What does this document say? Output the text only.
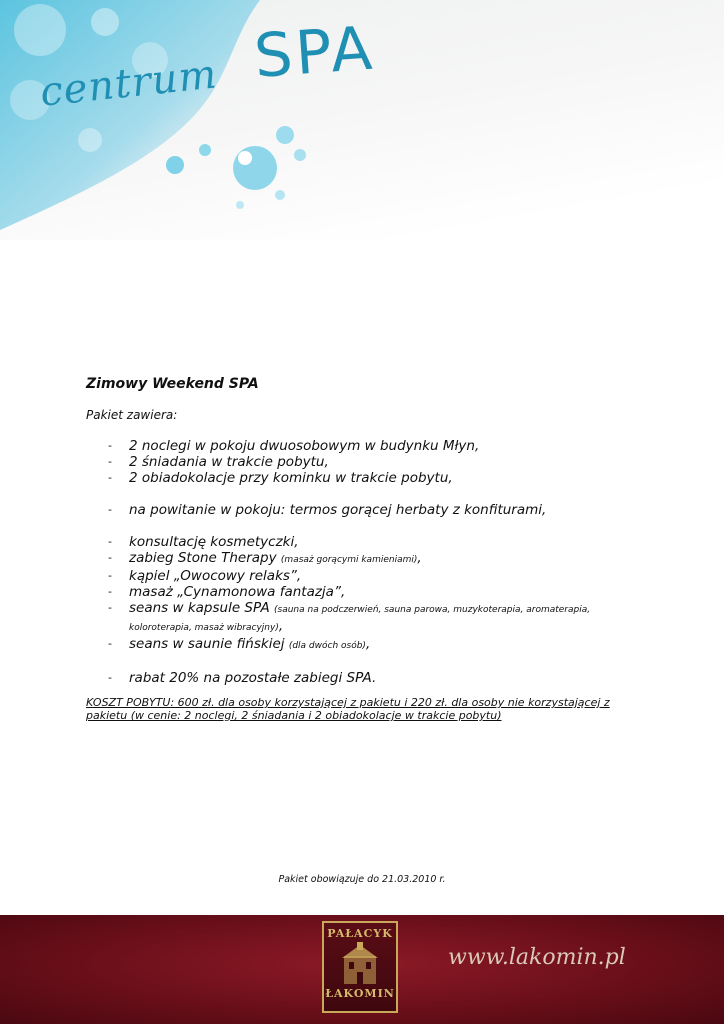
centrum SPA
Zimowy Weekend SPA
Pakiet zawiera:
- 2 noclegi w pokoju dwuosobowym w budynku Młyn,
- 2 śniadania w trakcie pobytu,
- 2 obiadokolacje przy kominku w trakcie pobytu,
- na powitanie w pokoju: termos gorącej herbaty z konfiturami,
- konsultację kosmetyczki,
- zabieg Stone Therapy (masaż gorącymi kamieniami),
- kąpiel „Owocowy relaks”,
- masaż „Cynamonowa fantazja”,
- seans w kapsule SPA (sauna na podczerwień, sauna parowa, muzykoterapia, aromaterapia, koloroterapia, masaż wibracyjny),
- seans w saunie fińskiej (dla dwóch osób),
- rabat 20% na pozostałe zabiegi SPA.
KOSZT POBYTU: 600 zł. dla osoby korzystającej z pakietu i 220 zł. dla osoby nie korzystającej z pakietu (w cenie: 2 noclegi, 2 śniadania i 2 obiadokolacje w trakcie pobytu)
Pakiet obowiązuje do 21.03.2010 r.
PAŁACYK
ŁAKOMIN
www.lakomin.pl
